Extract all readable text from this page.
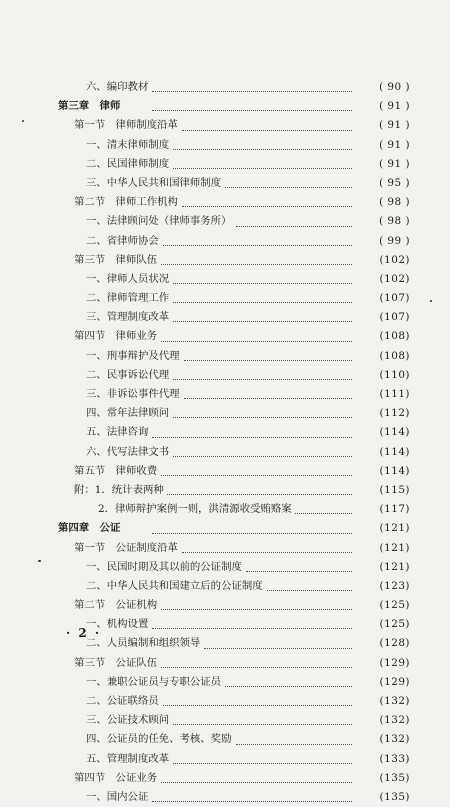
六、编印教材	( 90 )
第三章　律师	( 91 )
第一节　律师制度沿革	( 91 )
一、清末律师制度	( 91 )
二、民国律师制度	( 91 )
三、中华人民共和国律师制度	( 95 )
第二节　律师工作机构	( 98 )
一、法律顾问处（律师事务所）	( 98 )
二、省律师协会	( 99 )
第三节　律师队伍	(102)
一、律师人员状况	(102)
二、律师管理工作	(107)
三、管理制度改革	(107)
第四节　律师业务	(108)
一、刑事辩护及代理	(108)
二、民事诉讼代理	(110)
三、非诉讼事件代理	(111)
四、常年法律顾问	(112)
五、法律咨询	(114)
六、代写法律文书	(114)
第五节　律师收费	(114)
附：1．统计表两种	(115)
2．律师辩护案例一则，洪清源收受贿赂案	(117)
第四章　公证	(121)
第一节　公证制度沿革	(121)
一、民国时期及其以前的公证制度	(121)
二、中华人民共和国建立后的公证制度	(123)
第二节　公证机构	(125)
一、机构设置	(125)
二、人员编制和组织领导	(128)
第三节　公证队伍	(129)
一、兼职公证员与专职公证员	(129)
二、公证联络员	(132)
三、公证技术顾问	(132)
四、公证员的任免、考核、奖励	(132)
五、管理制度改革	(133)
第四节　公证业务	(135)
一、国内公证	(135)
· 2 ·
